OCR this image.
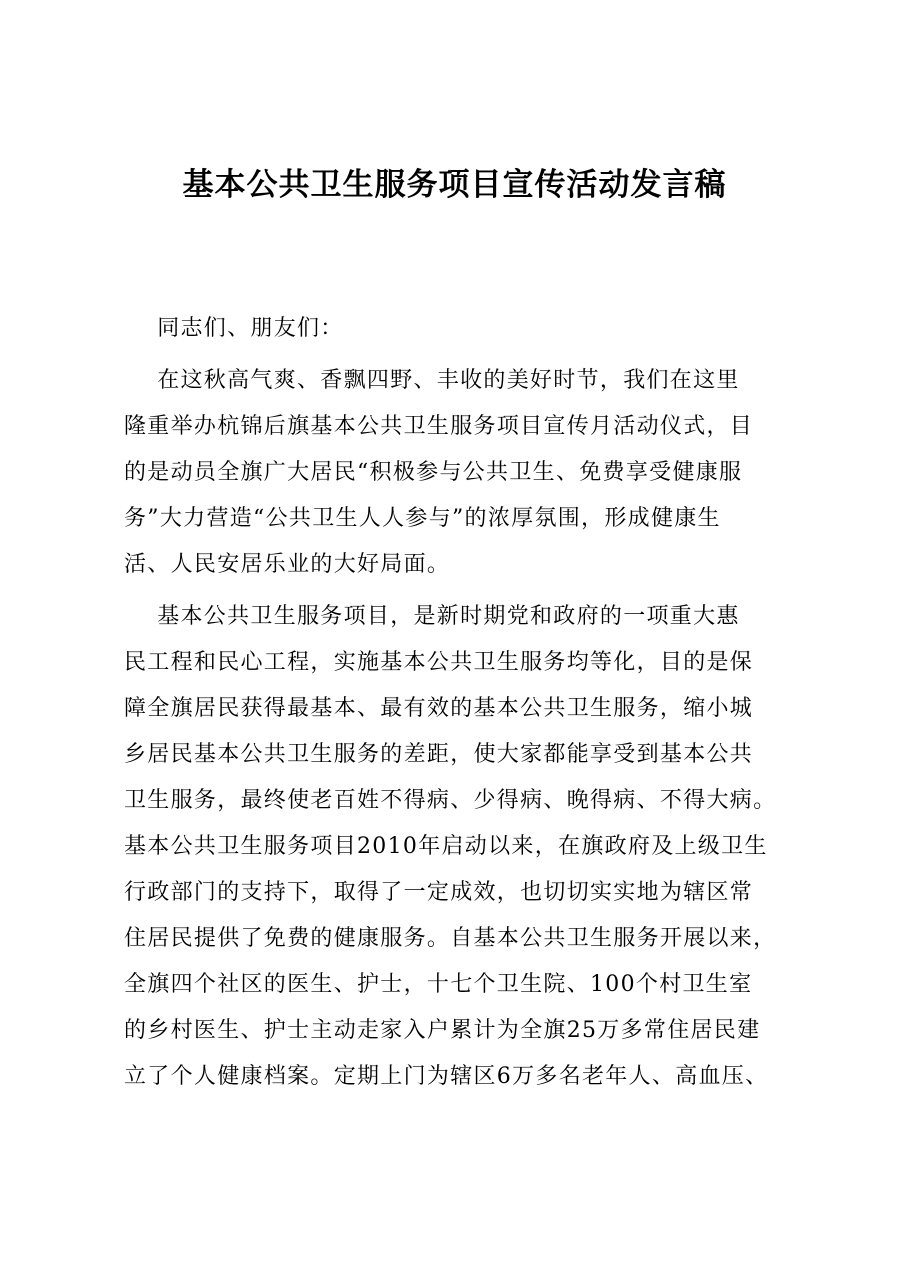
基本公共卫生服务项目宣传活动发言稿
同志们、朋友们：
在这秋高气爽、香飘四野、丰收的美好时节，我们在这里
隆重举办杭锦后旗基本公共卫生服务项目宣传月活动仪式，目
的是动员全旗广大居民“积极参与公共卫生、免费享受健康服
务”大力营造“公共卫生人人参与”的浓厚氛围，形成健康生
活、人民安居乐业的大好局面。
基本公共卫生服务项目，是新时期党和政府的一项重大惠
民工程和民心工程，实施基本公共卫生服务均等化，目的是保
障全旗居民获得最基本、最有效的基本公共卫生服务，缩小城
乡居民基本公共卫生服务的差距，使大家都能享受到基本公共
卫生服务，最终使老百姓不得病、少得病、晚得病、不得大病。
基本公共卫生服务项目2010年启动以来，在旗政府及上级卫生
行政部门的支持下，取得了一定成效，也切切实实地为辖区常
住居民提供了免费的健康服务。自基本公共卫生服务开展以来，
全旗四个社区的医生、护士，十七个卫生院、100个村卫生室
的乡村医生、护士主动走家入户累计为全旗25万多常住居民建
立了个人健康档案。定期上门为辖区6万多名老年人、高血压、
